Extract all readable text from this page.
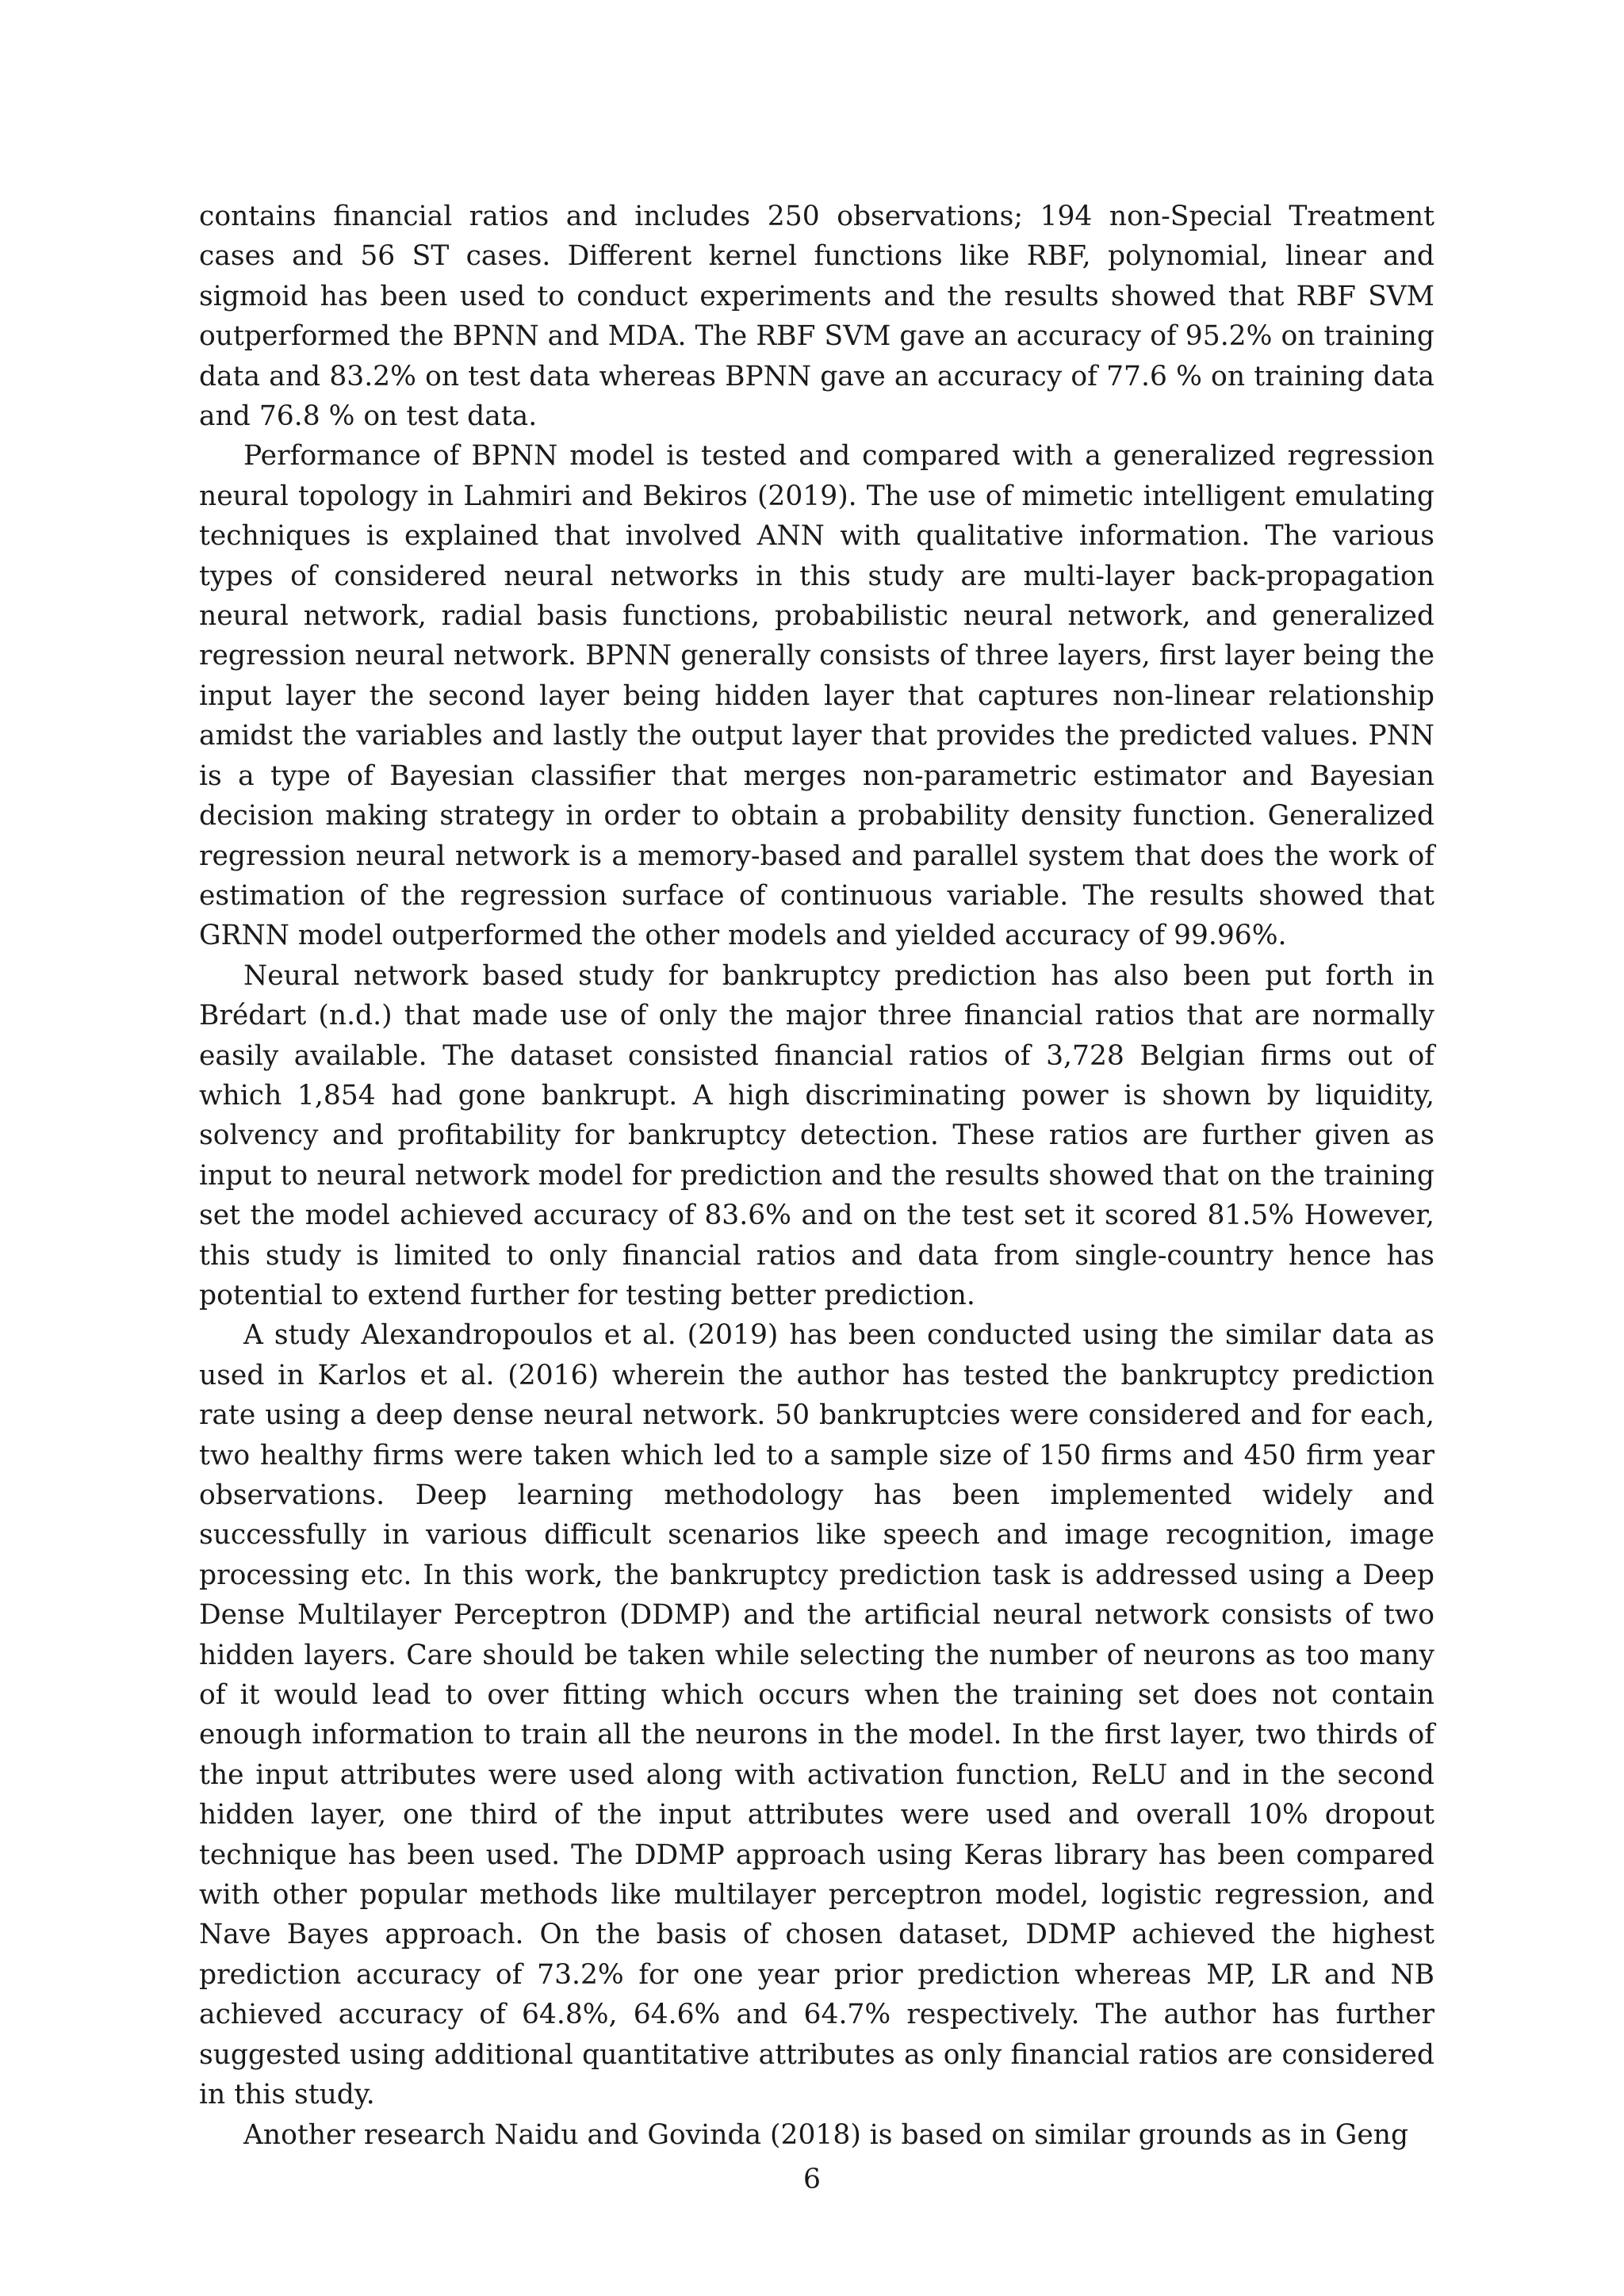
contains financial ratios and includes 250 observations; 194 non-Special Treatment cases and 56 ST cases. Different kernel functions like RBF, polynomial, linear and sigmoid has been used to conduct experiments and the results showed that RBF SVM outperformed the BPNN and MDA. The RBF SVM gave an accuracy of 95.2% on training data and 83.2% on test data whereas BPNN gave an accuracy of 77.6 % on training data and 76.8 % on test data.

Performance of BPNN model is tested and compared with a generalized regression neural topology in Lahmiri and Bekiros (2019). The use of mimetic intelligent emulating techniques is explained that involved ANN with qualitative information. The various types of considered neural networks in this study are multi-layer back-propagation neural network, radial basis functions, probabilistic neural network, and generalized regression neural network. BPNN generally consists of three layers, first layer being the input layer the second layer being hidden layer that captures non-linear relationship amidst the variables and lastly the output layer that provides the predicted values. PNN is a type of Bayesian classifier that merges non-parametric estimator and Bayesian decision making strategy in order to obtain a probability density function. Generalized regression neural network is a memory-based and parallel system that does the work of estimation of the regression surface of continuous variable. The results showed that GRNN model outperformed the other models and yielded accuracy of 99.96%.

Neural network based study for bankruptcy prediction has also been put forth in Brédart (n.d.) that made use of only the major three financial ratios that are normally easily available. The dataset consisted financial ratios of 3,728 Belgian firms out of which 1,854 had gone bankrupt. A high discriminating power is shown by liquidity, solvency and profitability for bankruptcy detection. These ratios are further given as input to neural network model for prediction and the results showed that on the training set the model achieved accuracy of 83.6% and on the test set it scored 81.5% However, this study is limited to only financial ratios and data from single-country hence has potential to extend further for testing better prediction.

A study Alexandropoulos et al. (2019) has been conducted using the similar data as used in Karlos et al. (2016) wherein the author has tested the bankruptcy prediction rate using a deep dense neural network. 50 bankruptcies were considered and for each, two healthy firms were taken which led to a sample size of 150 firms and 450 firm year observations. Deep learning methodology has been implemented widely and successfully in various difficult scenarios like speech and image recognition, image processing etc. In this work, the bankruptcy prediction task is addressed using a Deep Dense Multilayer Perceptron (DDMP) and the artificial neural network consists of two hidden layers. Care should be taken while selecting the number of neurons as too many of it would lead to over fitting which occurs when the training set does not contain enough information to train all the neurons in the model. In the first layer, two thirds of the input attributes were used along with activation function, ReLU and in the second hidden layer, one third of the input attributes were used and overall 10% dropout technique has been used. The DDMP approach using Keras library has been compared with other popular methods like multilayer perceptron model, logistic regression, and Nave Bayes approach. On the basis of chosen dataset, DDMP achieved the highest prediction accuracy of 73.2% for one year prior prediction whereas MP, LR and NB achieved accuracy of 64.8%, 64.6% and 64.7% respectively. The author has further suggested using additional quantitative attributes as only financial ratios are considered in this study.

Another research Naidu and Govinda (2018) is based on similar grounds as in Geng

6
